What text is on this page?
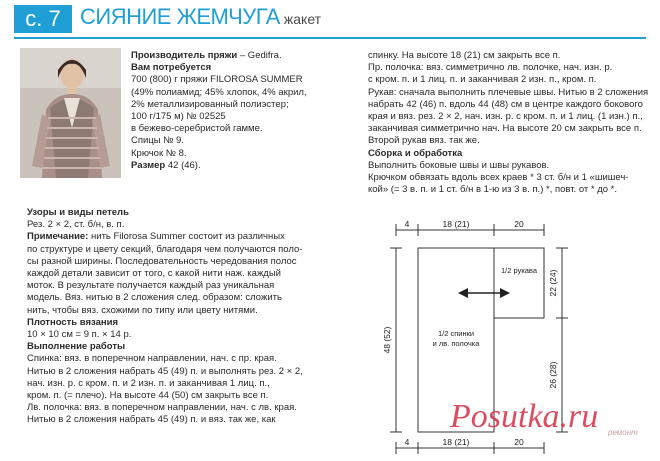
с. 7 СИЯНИЕ ЖЕМЧУГА жакет
Производитель пряжи – Gedifra.
Вам потребуется
700 (800) г пряжи FILOROSA SUMMER
(49% полиамид; 45% хлопок, 4% акрил,
2% металлизированный полиэстер;
100 г/175 м) № 02525
в бежево-серебристой гамме.
Спицы № 9.
Крючок № 8.
Размер 42 (46).
Узоры и виды петель
Рез. 2 × 2, ст. б/н, в. п.
Примечание: нить Filorosa Summer состоит из различных
по структуре и цвету секций, благодаря чем получаются поло-
сы разной ширины. Последовательность чередования полос
каждой детали зависит от того, с какой нити наж. каждый
моток. В результате получается каждый раз уникальная
модель. Вяз. нитью в 2 сложения след. образом: сложить
нить, чтобы вяз. схожими по типу или цвету нитями.
Плотность вязания
10 × 10 см = 9 п. × 14 р.
Выполнение работы
Спинка: вяз. в поперечном направлении, нач. с пр. края.
Нитью в 2 сложения набрать 45 (49) п. и выполнять рез. 2 × 2,
нач. изн. р. с кром. п. и 2 изн. п. и заканчивая 1 лиц. п.,
кром. п. (= плечо). На высоте 44 (50) см закрыть все п.
Лв. полочка: вяз. в поперечном направлении, нач. с лв. края.
Нитью в 2 сложения набрать 45 (49) п. и вяз. так же, как
спинку. На высоте 18 (21) см закрыть все п.
Пр. полочка: вяз. симметрично лв. полочке, нач. изн. р.
с кром. п. и 1 лиц. п. и заканчивая 2 изн. п., кром. п.
Рукав: сначала выполнить плечевые швы. Нитью в 2 сложения
набрать 42 (46) п. вдоль 44 (48) см в центре каждого бокового
края и вяз. рез. 2 × 2, нач. изн. р. с кром. п. и 1 лиц. (1 изн.) п.,
заканчивая симметрично нач. На высоте 20 см закрыть все п.
Второй рукав вяз. так же.
Сборка и обработка
Выполнить боковые швы и швы рукавов.
Крючком обвязать вдоль всех краев * 3 ст. б/н и 1 «шишеч-
кой» (= 3 в. п. и 1 ст. б/н в 1-ю из 3 в. п.) *, повт. от * до *.
4	18 (21)	20
4	18 (21)	20
48 (52)
22 (24)
26 (28)
1/2 рукава
1/2 спинки
и лв. полочка
Posutka.ru ремонт
